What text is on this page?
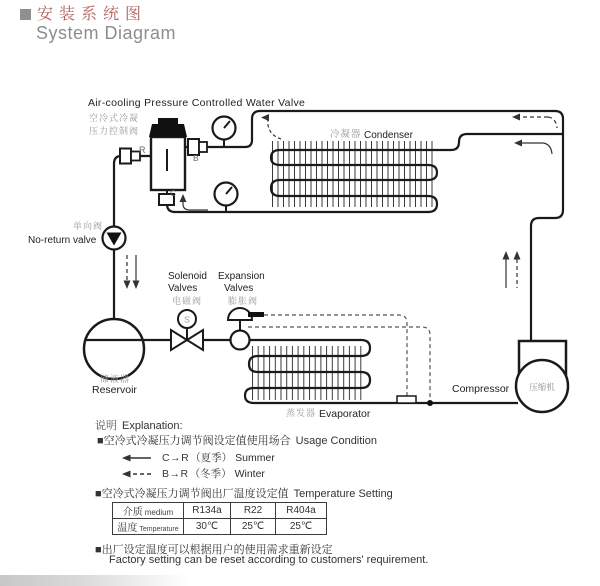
安装系统图
System Diagram
S
压缩机
Air-cooling Pressure Controlled Water Valve
空冷式冷凝
压力控制阀
R
B
C
冷凝器 Condenser
单向阀
No-return valve
Solenoid
Valves
电磁阀
Expansion
Valves
膨胀阀
储液器
Reservoir
蒸发器 Evaporator
Compressor
说明 Explanation:
■空冷式冷凝压力调节阀设定值使用场合 Usage Condition
C→R （夏季） Summer
B→R （冬季） Winter
■空冷式冷凝压力调节阀出厂温度设定值 Temperature Setting
介质 medium	R134a	R22	R404a
温度 Temperature	30℃	25℃	25℃
■出厂设定温度可以根据用户的使用需求重新设定
Factory setting can be reset according to customers' requirement.
